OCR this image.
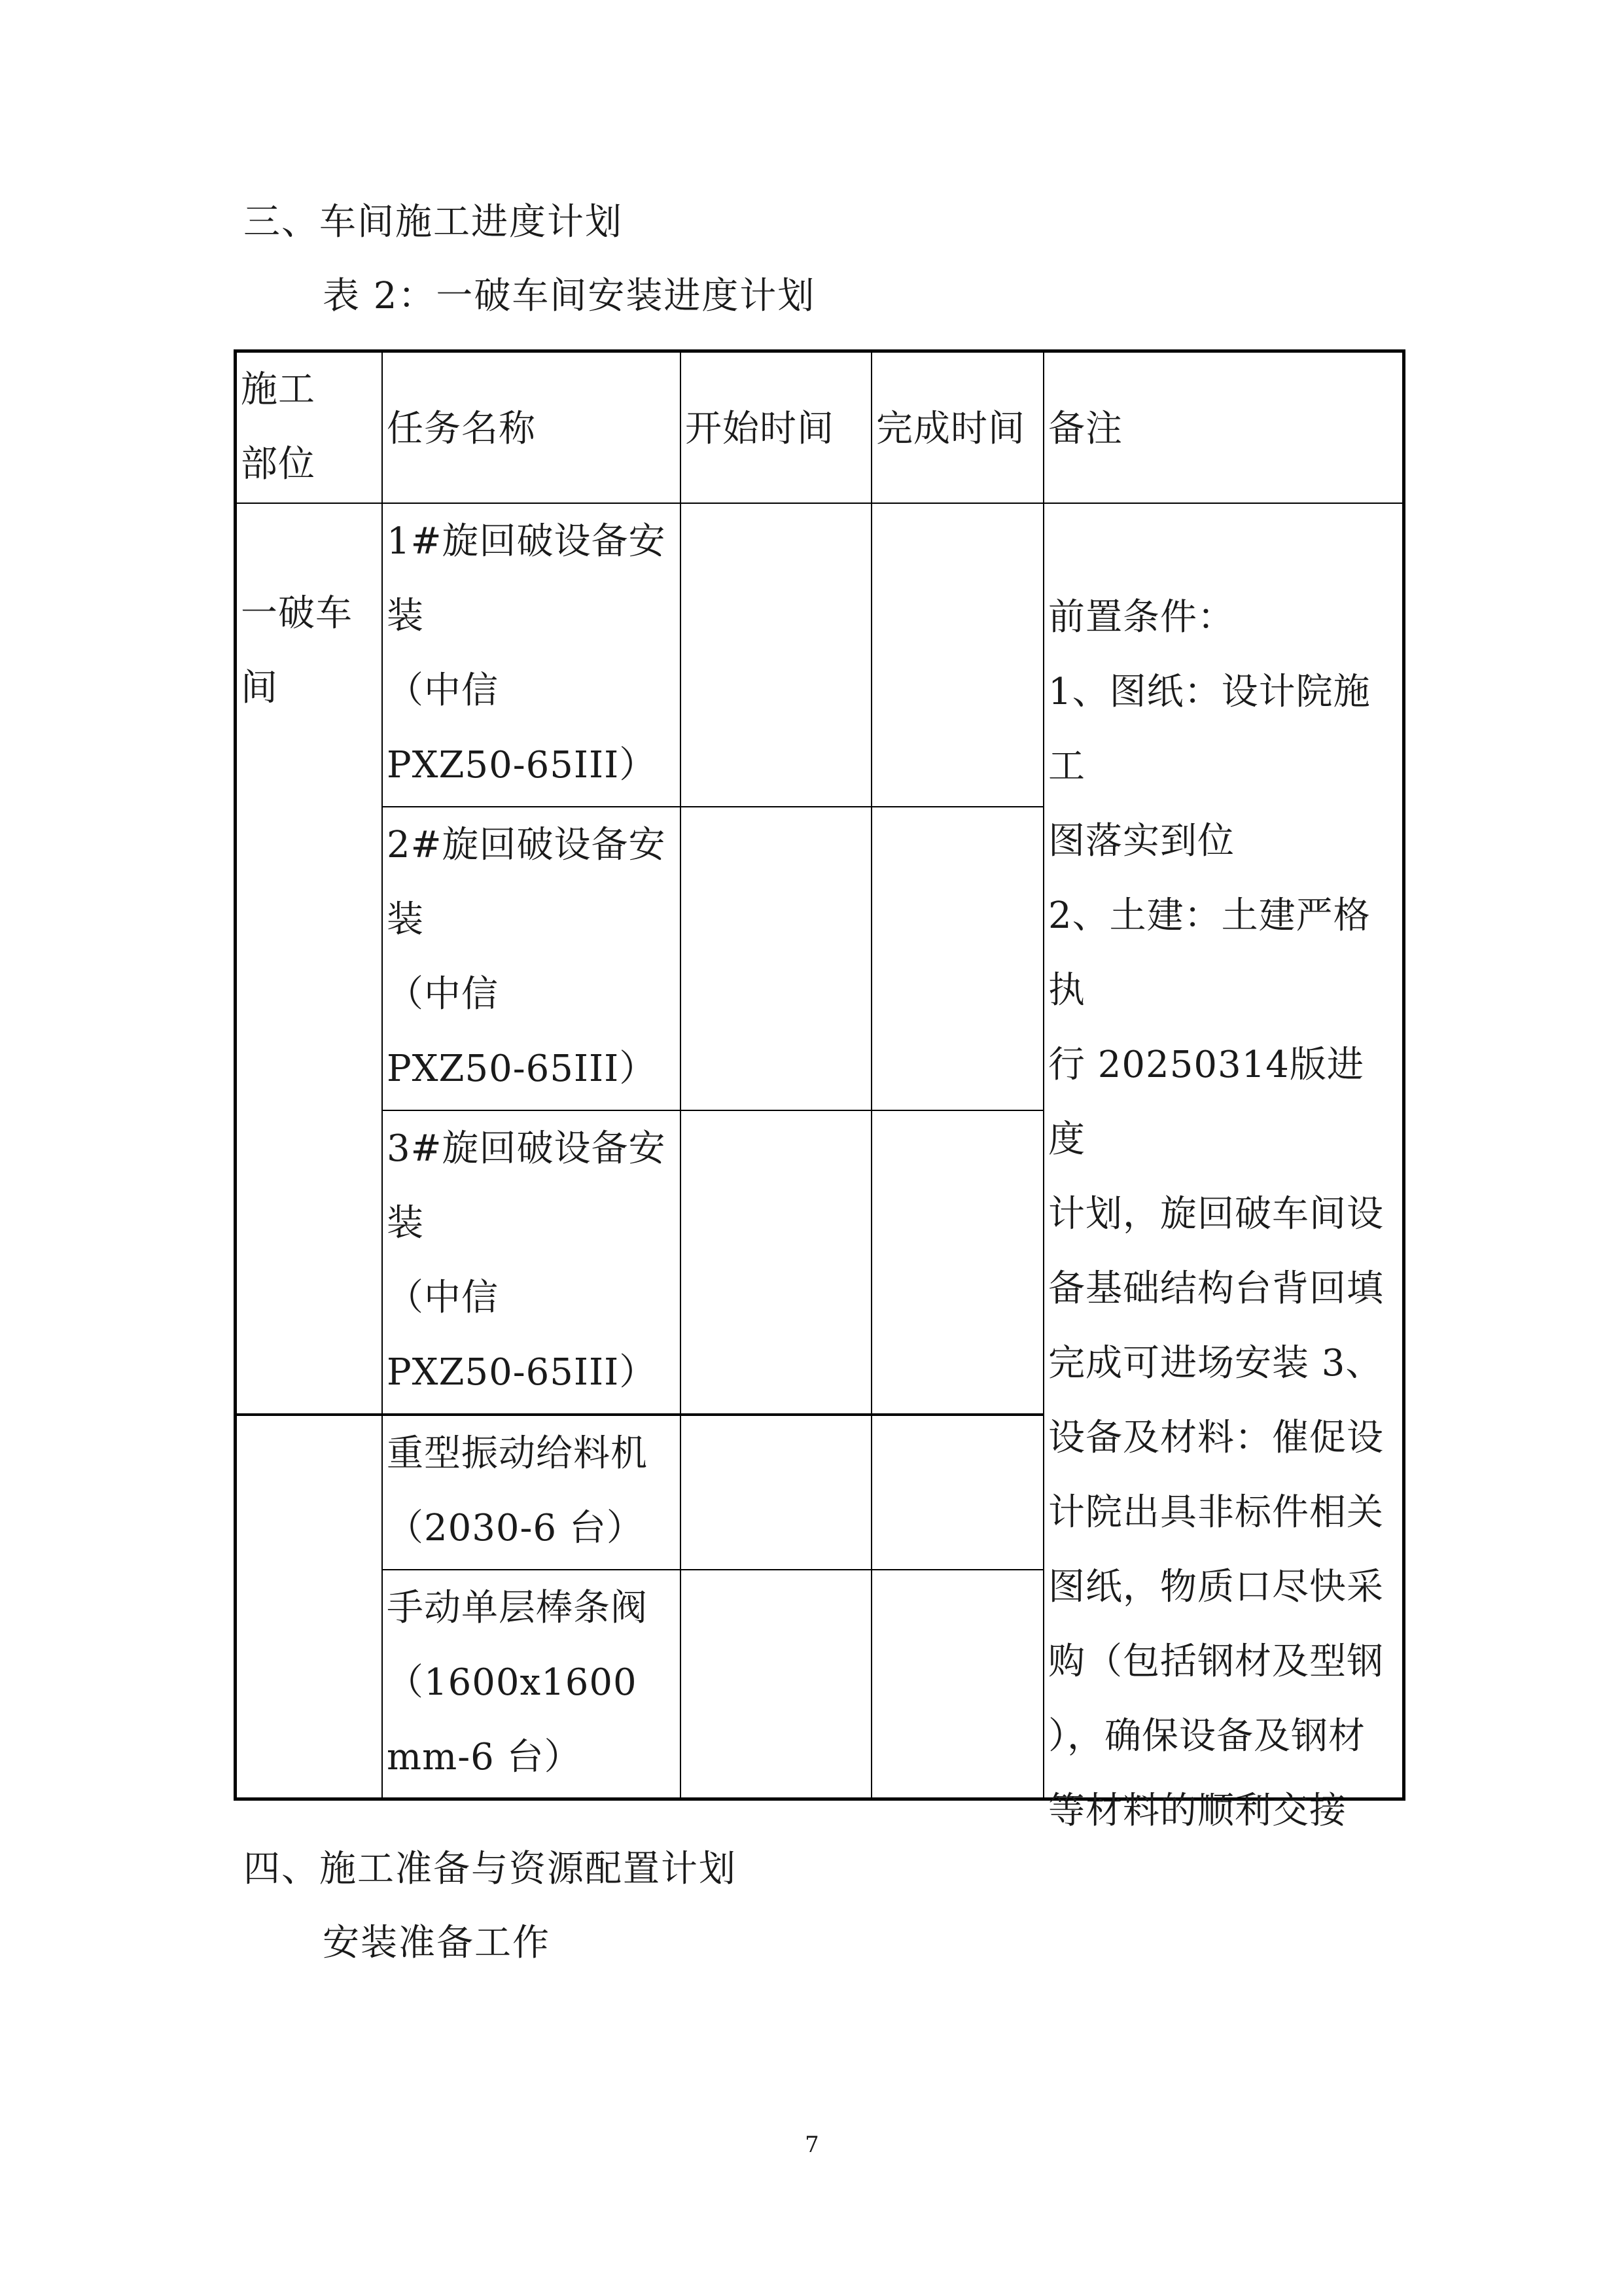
三、车间施工进度计划
表 2：一破车间安装进度计划
施工
部位
任务名称	开始时间	完成时间 备注
一破车
间
1#旋回破设备安
装
（中信
PXZ50-65III）
2#旋回破设备安
装
（中信
PXZ50-65III）
3#旋回破设备安
装
（中信
PXZ50-65III）
重型振动给料机
（2030-6 台）
手动单层棒条阀
（1600x1600
mm-6 台）
前置条件：
1、图纸：设计院施工
图落实到位
2、土建：土建严格执
行 20250314版进度
计划，旋回破车间设
备基础结构台背回填
完成可进场安装 3、
设备及材料：催促设
计院出具非标件相关
图纸，物质口尽快采
购（包括钢材及型钢
），确保设备及钢材
等材料的顺利交接
四、施工准备与资源配置计划
安装准备工作
7
